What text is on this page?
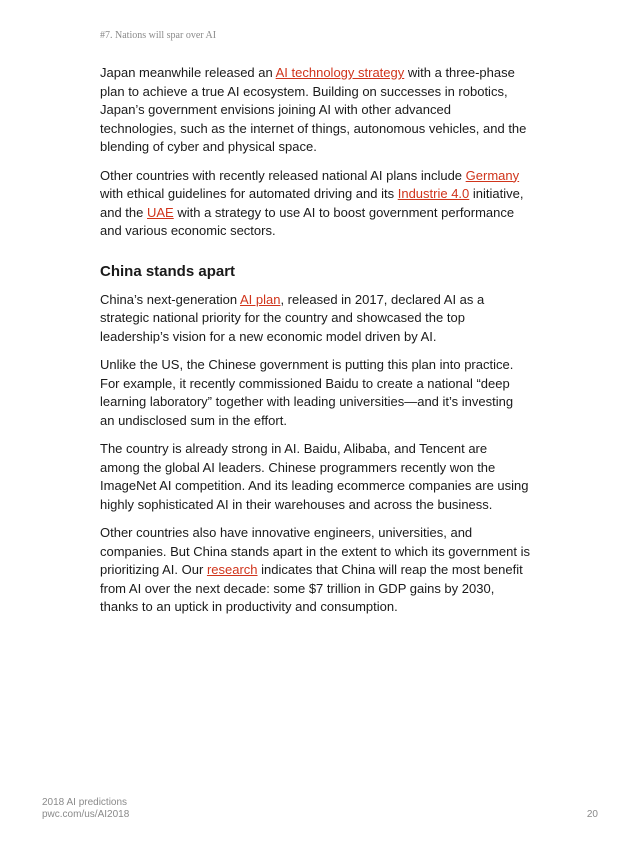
#7. Nations will spar over AI

Japan meanwhile released an AI technology strategy with a three-phase plan to achieve a true AI ecosystem. Building on successes in robotics, Japan’s government envisions joining AI with other advanced technologies, such as the internet of things, autonomous vehicles, and the blending of cyber and physical space.

Other countries with recently released national AI plans include Germany with ethical guidelines for automated driving and its Industrie 4.0 initiative, and the UAE with a strategy to use AI to boost government performance and various economic sectors.

China stands apart

China’s next-generation AI plan, released in 2017, declared AI as a strategic national priority for the country and showcased the top leadership’s vision for a new economic model driven by AI.

Unlike the US, the Chinese government is putting this plan into practice. For example, it recently commissioned Baidu to create a national “deep learning laboratory” together with leading universities—and it’s investing an undisclosed sum in the effort.

The country is already strong in AI. Baidu, Alibaba, and Tencent are among the global AI leaders. Chinese programmers recently won the ImageNet AI competition. And its leading ecommerce companies are using highly sophisticated AI in their warehouses and across the business.

Other countries also have innovative engineers, universities, and companies. But China stands apart in the extent to which its government is prioritizing AI. Our research indicates that China will reap the most benefit from AI over the next decade: some $7 trillion in GDP gains by 2030, thanks to an uptick in productivity and consumption.

2018 AI predictions
pwc.com/us/AI2018	20
